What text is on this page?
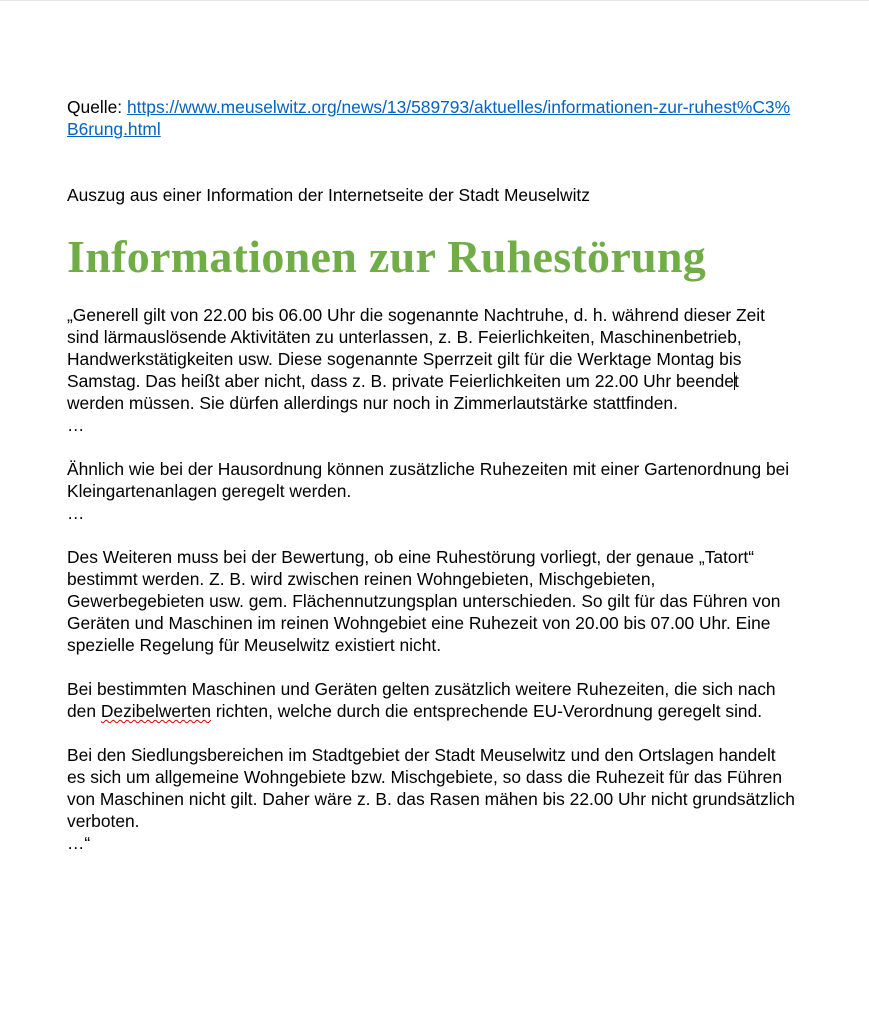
Quelle: https://www.meuselwitz.org/news/13/589793/aktuelles/informationen-zur-ruhest%C3%B6rung.html

Auszug aus einer Information der Internetseite der Stadt Meuselwitz

Informationen zur Ruhestörung

„Generell gilt von 22.00 bis 06.00 Uhr die sogenannte Nachtruhe, d. h. während dieser Zeit sind lärmauslösende Aktivitäten zu unterlassen, z. B. Feierlichkeiten, Maschinenbetrieb, Handwerkstätigkeiten usw. Diese sogenannte Sperrzeit gilt für die Werktage Montag bis Samstag. Das heißt aber nicht, dass z. B. private Feierlichkeiten um 22.00 Uhr beendet werden müssen. Sie dürfen allerdings nur noch in Zimmerlautstärke stattfinden.

…

Ähnlich wie bei der Hausordnung können zusätzliche Ruhezeiten mit einer Gartenordnung bei Kleingartenanlagen geregelt werden.

…

Des Weiteren muss bei der Bewertung, ob eine Ruhestörung vorliegt, der genaue „Tatort“ bestimmt werden. Z. B. wird zwischen reinen Wohngebieten, Mischgebieten, Gewerbegebieten usw. gem. Flächennutzungsplan unterschieden. So gilt für das Führen von Geräten und Maschinen im reinen Wohngebiet eine Ruhezeit von 20.00 bis 07.00 Uhr. Eine spezielle Regelung für Meuselwitz existiert nicht.

Bei bestimmten Maschinen und Geräten gelten zusätzlich weitere Ruhezeiten, die sich nach den Dezibelwerten richten, welche durch die entsprechende EU-Verordnung geregelt sind.

Bei den Siedlungsbereichen im Stadtgebiet der Stadt Meuselwitz und den Ortslagen handelt es sich um allgemeine Wohngebiete bzw. Mischgebiete, so dass die Ruhezeit für das Führen von Maschinen nicht gilt. Daher wäre z. B. das Rasen mähen bis 22.00 Uhr nicht grundsätzlich verboten.

…“
